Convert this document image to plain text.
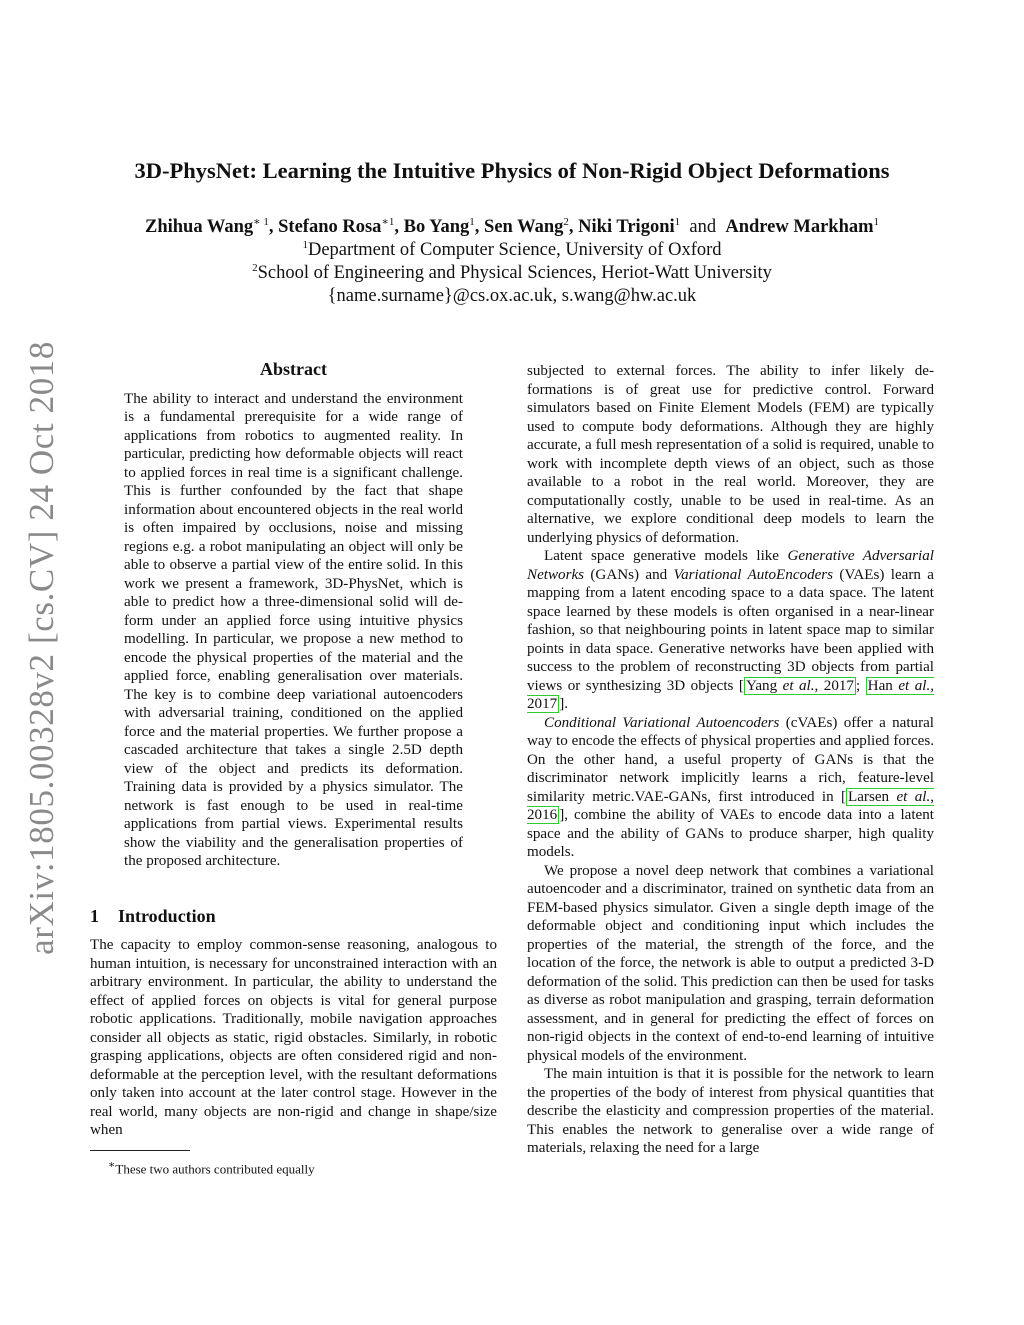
arXiv:1805.00328v2 [cs.CV] 24 Oct 2018
3D-PhysNet: Learning the Intuitive Physics of Non-Rigid Object Deformations
Zhihua Wang$^{∗ 1}$, Stefano Rosa$^{∗1}$, Bo Yang$^1$, Sen Wang$^2$, Niki Trigoni$^1$ and Andrew Markham$^1$
$^1$Department of Computer Science, University of Oxford
$^2$School of Engineering and Physical Sciences, Heriot-Watt University
{name.surname}@cs.ox.ac.uk, s.wang@hw.ac.uk
Abstract

The ability to interact and understand the environment is a fundamental prerequisite for a wide range of applications from robotics to augmented reality. In particular, predicting how deformable objects will react to applied forces in real time is a significant challenge. This is further confounded by the fact that shape information about encountered objects in the real world is often impaired by occlusions, noise and missing regions e.g. a robot manipulating an object will only be able to observe a partial view of the entire solid. In this work we present a framework, 3D-PhysNet, which is able to predict how a three-dimensional solid will deform under an applied force using intuitive physics modelling. In particular, we propose a new method to encode the physical properties of the material and the applied force, enabling generalisation over materials. The key is to combine deep variational autoencoders with adversarial training, conditioned on the applied force and the material properties. We further propose a cascaded architecture that takes a single 2.5D depth view of the object and predicts its deformation. Training data is provided by a physics simulator. The network is fast enough to be used in real-time applications from partial views. Experimental results show the viability and the generalisation properties of the proposed architecture.

1 Introduction

The capacity to employ common-sense reasoning, analogous to human intuition, is necessary for unconstrained interaction with an arbitrary environment. In particular, the ability to understand the effect of applied forces on objects is vital for general purpose robotic applications. Traditionally, mobile navigation approaches consider all objects as static, rigid obstacles. Similarly, in robotic grasping applications, objects are often considered rigid and non-deformable at the perception level, with the resultant deformations only taken into account at the later control stage. However in the real world, many objects are non-rigid and change in shape/size when

∗These two authors contributed equally

subjected to external forces. The ability to infer likely deformations is of great use for predictive control. Forward simulators based on Finite Element Models (FEM) are typically used to compute body deformations. Although they are highly accurate, a full mesh representation of a solid is required, unable to work with incomplete depth views of an object, such as those available to a robot in the real world. Moreover, they are computationally costly, unable to be used in real-time. As an alternative, we explore conditional deep models to learn the underlying physics of deformation.

Latent space generative models like Generative Adversarial Networks (GANs) and Variational AutoEncoders (VAEs) learn a mapping from a latent encoding space to a data space. The latent space learned by these models is often organised in a near-linear fashion, so that neighbouring points in latent space map to similar points in data space. Generative networks have been applied with success to the problem of reconstructing 3D objects from partial views or synthesizing 3D objects [ Yang et al., 2017 ; Han et al., 2017 ].

Conditional Variational Autoencoders (cVAEs) offer a natural way to encode the effects of physical properties and applied forces. On the other hand, a useful property of GANs is that the discriminator network implicitly learns a rich, feature-level similarity metric.VAE-GANs, first introduced in [ Larsen et al., 2016 ], combine the ability of VAEs to encode data into a latent space and the ability of GANs to produce sharper, high quality models.

We propose a novel deep network that combines a variational autoencoder and a discriminator, trained on synthetic data from an FEM-based physics simulator. Given a single depth image of the deformable object and conditioning input which includes the properties of the material, the strength of the force, and the location of the force, the network is able to output a predicted 3-D deformation of the solid. This prediction can then be used for tasks as diverse as robot manipulation and grasping, terrain deformation assessment, and in general for predicting the effect of forces on non-rigid objects in the context of end-to-end learning of intuitive physical models of the environment.

The main intuition is that it is possible for the network to learn the properties of the body of interest from physical quantities that describe the elasticity and compression properties of the material. This enables the network to generalise over a wide range of materials, relaxing the need for a large
